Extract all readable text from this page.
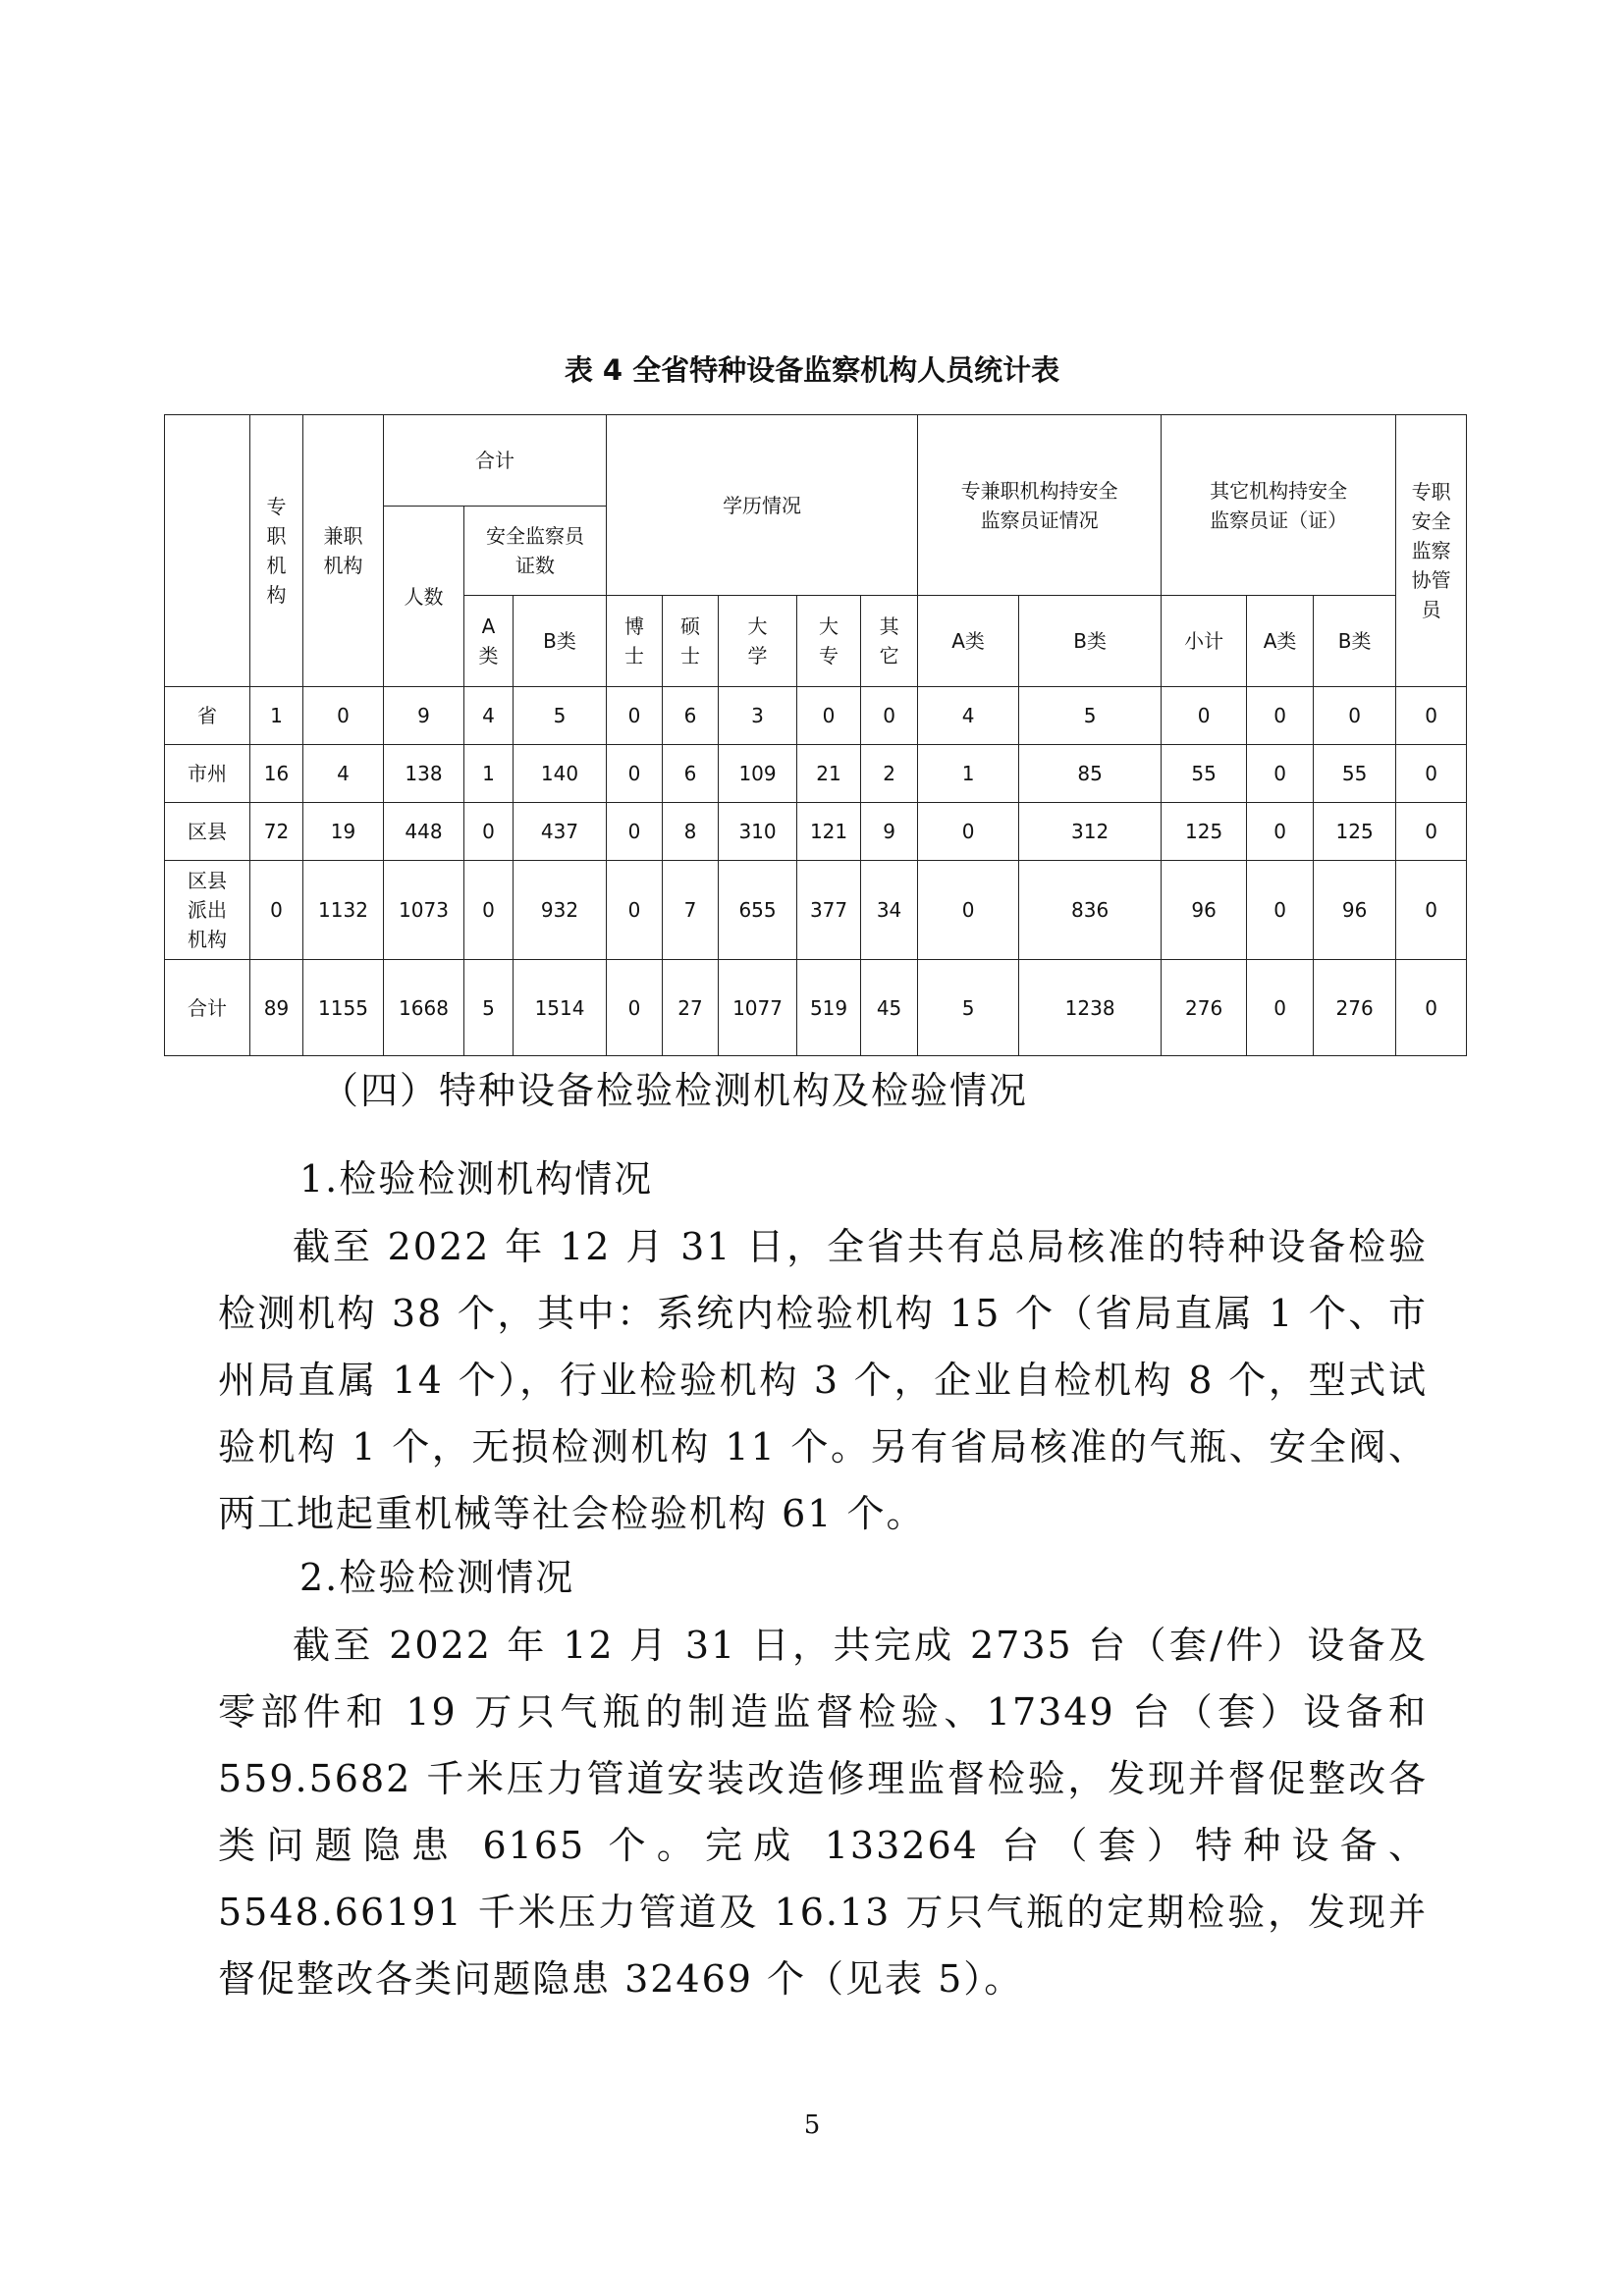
表 4 全省特种设备监察机构人员统计表
	专职机构	兼职机构	合计			学历情况					专兼职机构持安全监察员证情况		其它机构持安全监察员证（证）			专职安全监察协管员
			人数	安全监察员证数												
				A类	B类	博士	硕士	大学	大专	其它	A类	B类	小计	A类	B类	
省	1	0	9	4	5	0	6	3	0	0	4	5	0	0	0	0
市州	16	4	138	1	140	0	6	109	21	2	1	85	55	0	55	0
区县	72	19	448	0	437	0	8	310	121	9	0	312	125	0	125	0
区县派出机构	0	1132	1073	0	932	0	7	655	377	34	0	836	96	0	96	0
合计	89	1155	1668	5	1514	0	27	1077	519	45	5	1238	276	0	276	0
（四）特种设备检验检测机构及检验情况
1.检验检测机构情况

截至 2022 年 12 月 31 日，全省共有总局核准的特种设备检验检测机构 38 个，其中：系统内检验机构 15 个（省局直属 1 个、市州局直属 14 个），行业检验机构 3 个，企业自检机构 8 个，型式试验机构 1 个，无损检测机构 11 个。另有省局核准的气瓶、安全阀、两工地起重机械等社会检验机构 61 个。

2.检验检测情况

截至 2022 年 12 月 31 日，共完成 2735 台（套/件）设备及零部件和 19 万只气瓶的制造监督检验、17349 台（套）设备和 559.5682 千米压力管道安装改造修理监督检验，发现并督促整改各类问题隐患 6165 个。完成 133264 台（套）特种设备、5548.66191 千米压力管道及 16.13 万只气瓶的定期检验，发现并督促整改各类问题隐患 32469 个（见表 5）。

5
